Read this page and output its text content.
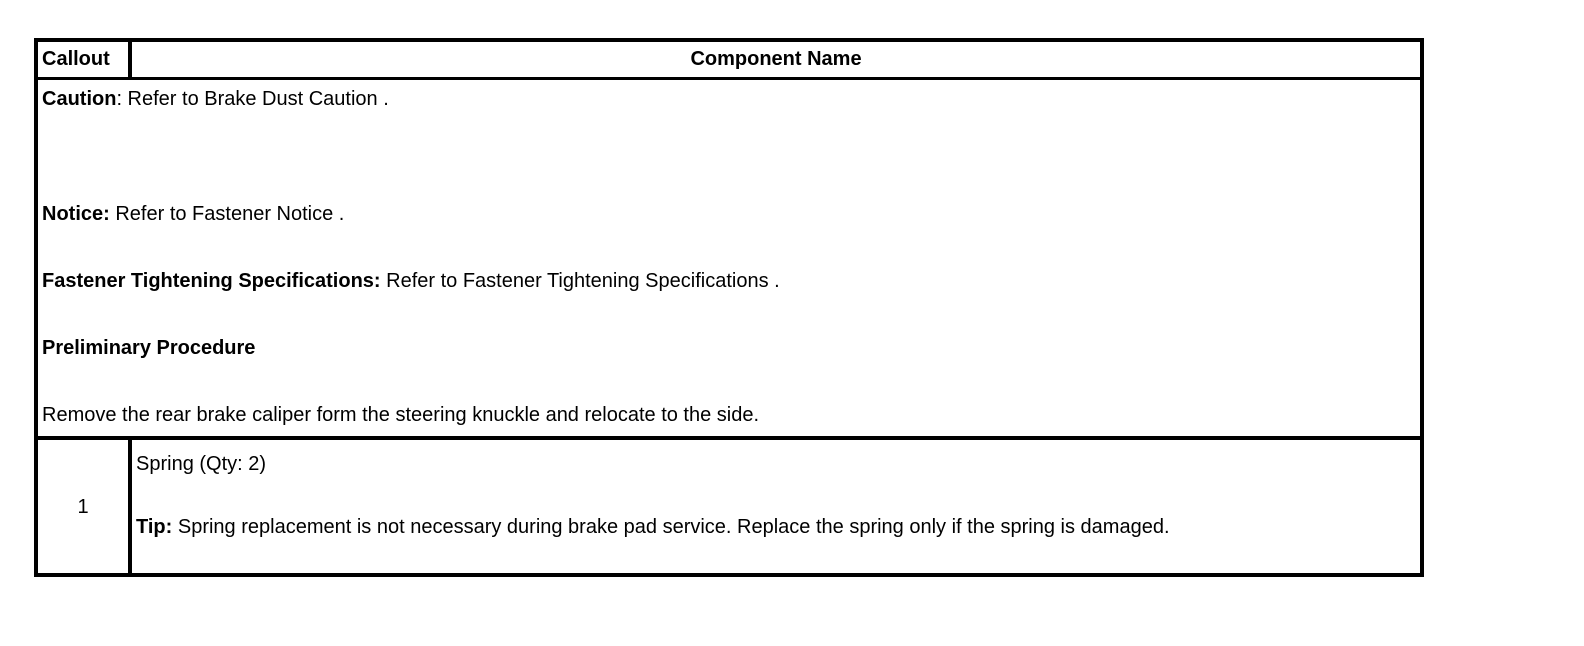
Callout	Component Name
Caution: Refer to Brake Dust Caution .
Notice: Refer to Fastener Notice .
Fastener Tightening Specifications: Refer to Fastener Tightening Specifications .
Preliminary Procedure
Remove the rear brake caliper form the steering knuckle and relocate to the side.
1
Spring (Qty: 2)
Tip: Spring replacement is not necessary during brake pad service. Replace the spring only if the spring is damaged.
